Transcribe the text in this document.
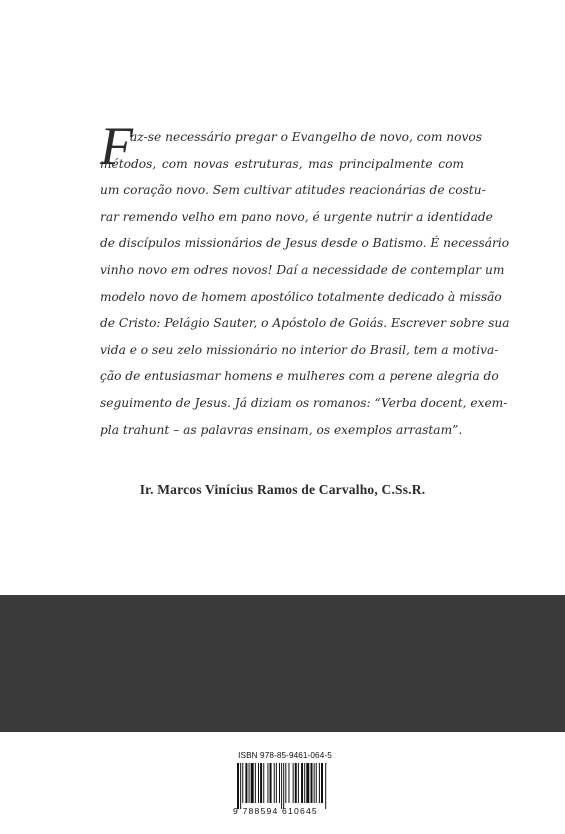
F
az-se necessário pregar o Evangelho de novo, com novos
métodos, com novas estruturas, mas principalmente com
um coração novo. Sem cultivar atitudes reacionárias de costu-
rar remendo velho em pano novo, é urgente nutrir a identidade
de discípulos missionários de Jesus desde o Batismo. É necessário
vinho novo em odres novos! Daí a necessidade de contemplar um
modelo novo de homem apostólico totalmente dedicado à missão
de Cristo: Pelágio Sauter, o Apóstolo de Goiás. Escrever sobre sua
vida e o seu zelo missionário no interior do Brasil, tem a motiva-
ção de entusiasmar homens e mulheres com a perene alegria do
seguimento de Jesus. Já diziam os romanos: “Verba docent, exem-
pla trahunt – as palavras ensinam, os exemplos arrastam”.
Ir. Marcos Vinícius Ramos de Carvalho, C.Ss.R.
ISBN 978-85-9461-064-5
9 788594 610645
